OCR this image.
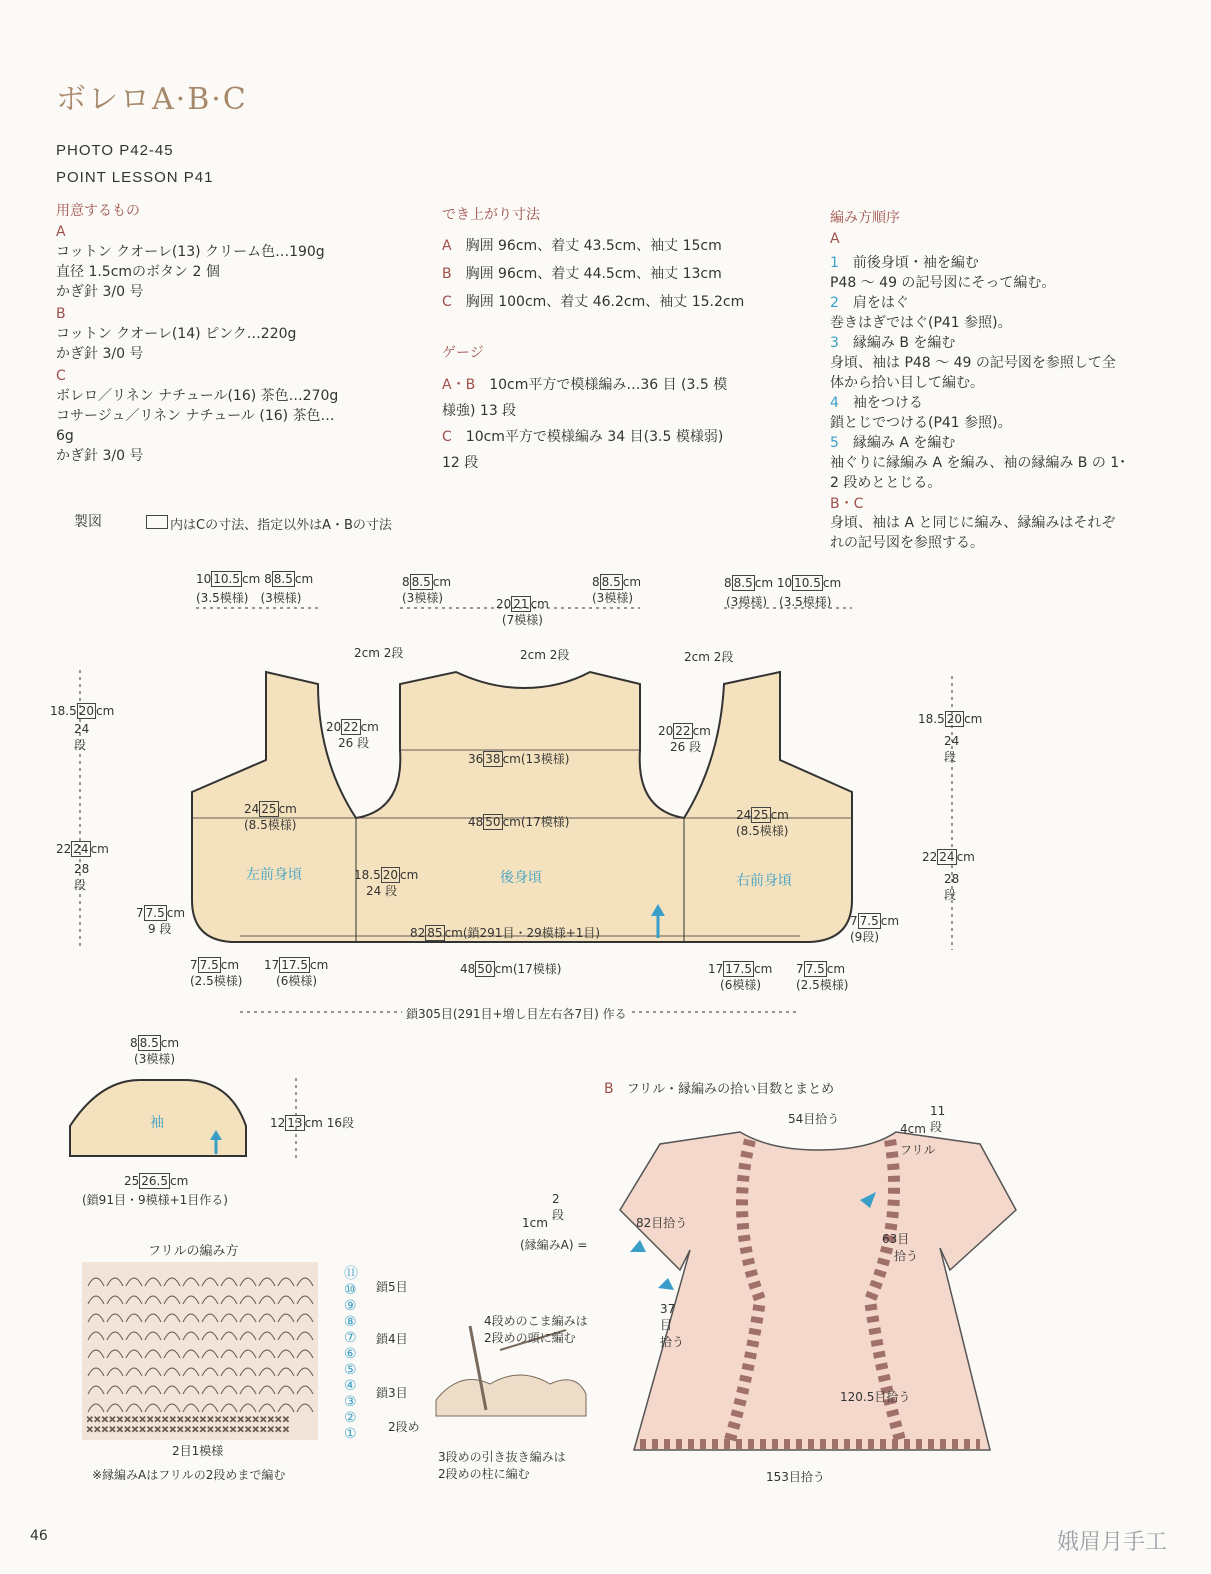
ボレロA·B·C
PHOTO P42-45
POINT LESSON P41
用意するもの
A
コットン クオーレ(13) クリーム色…190g
直径 1.5cmのボタン 2 個
かぎ針 3/0 号
B
コットン クオーレ(14) ピンク…220g
かぎ針 3/0 号
C
ボレロ／リネン ナチュール(16) 茶色…270g
コサージュ／リネン ナチュール (16) 茶色…
6g
かぎ針 3/0 号
でき上がり寸法
A　 胸囲 96cm、着丈 43.5cm、袖丈 15cm
B　 胸囲 96cm、着丈 44.5cm、袖丈 13cm
C　 胸囲 100cm、着丈 46.2cm、袖丈 15.2cm
ゲージ
A・B　 10cm平方で模様編み…36 目 (3.5 模
様強) 13 段
C　 10cm平方で模様編み 34 目(3.5 模様弱)
12 段
編み方順序
A
1　 前後身頃・袖を編む
P48 ～ 49 の記号図にそって編む。
2　 肩をはぐ
巻きはぎではぐ(P41 参照)。
3　 縁編み B を編む
身頃、袖は P48 ～ 49 の記号図を参照して全
体から拾い目して編む。
4　 袖をつける
鎖とじでつける(P41 参照)。
5　 縁編み A を編む
袖ぐりに縁編み A を編み、袖の縁編み B の 1･
2 段めととじる。
B・C
身頃、袖は A と同じに編み、縁編みはそれぞ
れの記号図を参照する。
製図	内はCの寸法、指定以外はA・Bの寸法
10 10.5 cm 8 8.5 cm
(3.5模様)　 (3模様)
8 8.5 cm
(3模様)	20 21 cm
(7模様)
8 8.5 cm
(3模様)
8 8.5 cm 10 10.5 cm
(3模様)　 (3.5模様)
18.5 20 cm
24
段
22 24 cm
28
段
18.5 20 cm
24
段
22 24 cm
28
段
2cm 2段	2cm 2段	2cm 2段
20 22 cm
　26 段
20 22 cm
　26 段
36 38 cm(13模様)
48 50 cm(17模様)
24 25 cm
(8.5模様)
24 25 cm
(8.5模様)
左前身頃	後身頃	右前身頃
18.5 20 cm
　24 段
7 7.5 cm
　9 段
7 7.5 cm
(9段)
82 85 cm(鎖291目・29模様+1目)
7 7.5 cm
(2.5模様)
17 17.5 cm
　(6模様)
48 50 cm(17模様)	17 17.5 cm
　(6模様)
7 7.5 cm
(2.5模様)
鎖305目(291目+増し目左右各7目) 作る
8 8.5 cm
(3模様)
袖	12 13 cm 16段
25 26.5 cm
(鎖91目・9模様+1目作る)
フリルの編み方
×××××××××××××××××××××××××××
×××××××××××××××××××××××××××
⑪
⑩
⑨
⑧
⑦
⑥
⑤
④
③
②
①
鎖5目
鎖4目
鎖3目
2目1模様
※縁編みAはフリルの2段めまで編む
4段めのこま編みは
2段めの頭に編む
2段め
3段めの引き抜き編みは
2段めの柱に編む
B　 フリル・縁編みの拾い目数とまとめ
54目拾う
4cm
11
段
フリル
82目拾う
2
段
1cm
(縁編みA) =	63目
　拾う
37
目
拾う
120.5目拾う
153目拾う
46	娥眉月手工
